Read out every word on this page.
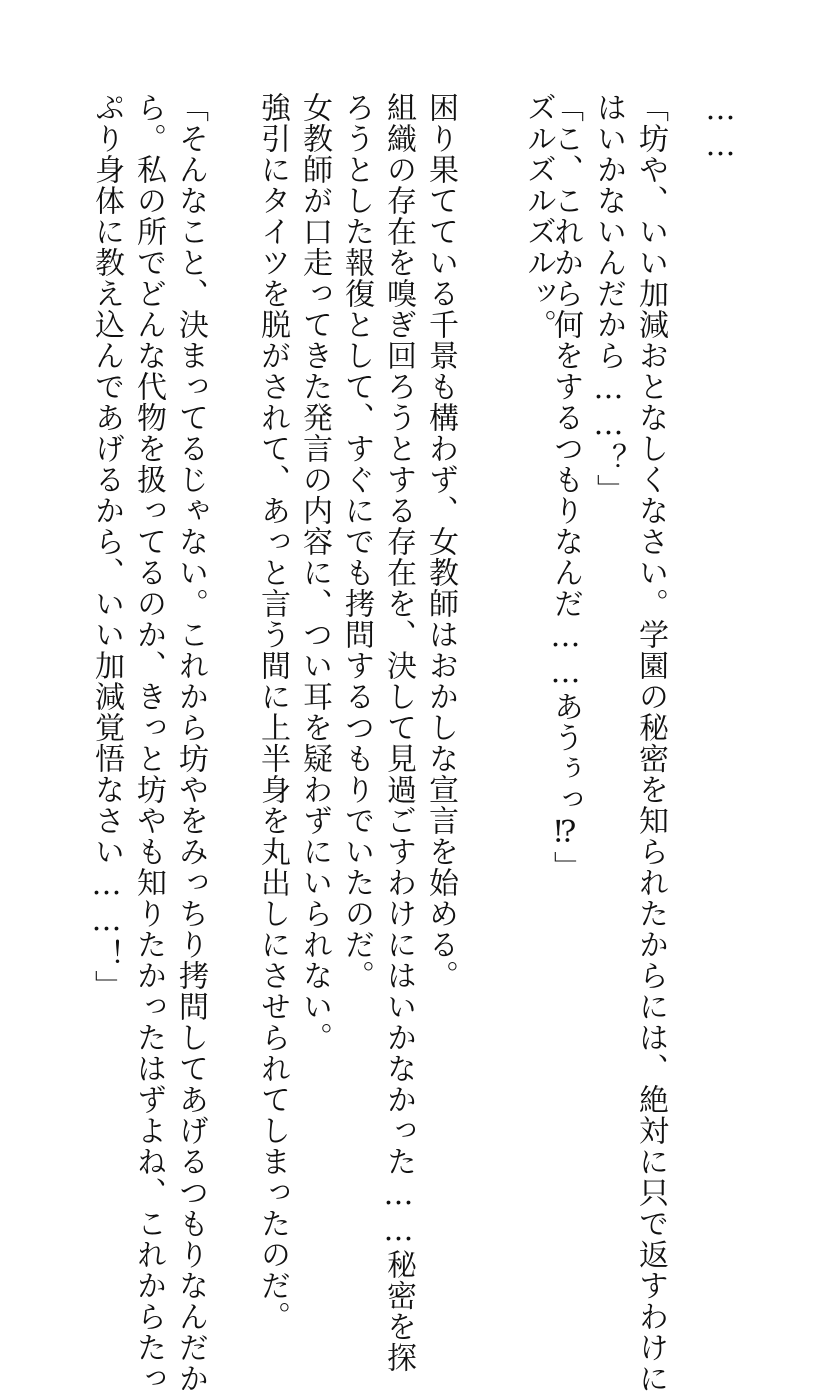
……

「坊や、いい加減おとなしくなさい。学園の秘密を知られたからには、絶対に只で返すわけに

はいかないんだから……？」

ズルズルズルッ。

「こ、これから何をするつもりなんだ……あうぅっ⁉」

困り果てている千景も構わず、女教師はおかしな宣言を始める。

組織の存在を嗅ぎ回ろうとする存在を、決して見過ごすわけにはいかなかった……秘密を探

ろうとした報復として、すぐにでも拷問するつもりでいたのだ。

女教師が口走ってきた発言の内容に、つい耳を疑わずにいられない。

強引にタイツを脱がされて、あっと言う間に上半身を丸出しにさせられてしまったのだ。

「そんなこと、決まってるじゃない。これから坊やをみっちり拷問してあげるつもりなんだか

ら。私の所でどんな代物を扱ってるのか、きっと坊やも知りたかったはずよね、これからたっ

ぷり身体に教え込んであげるから、いい加減覚悟なさい……！」
